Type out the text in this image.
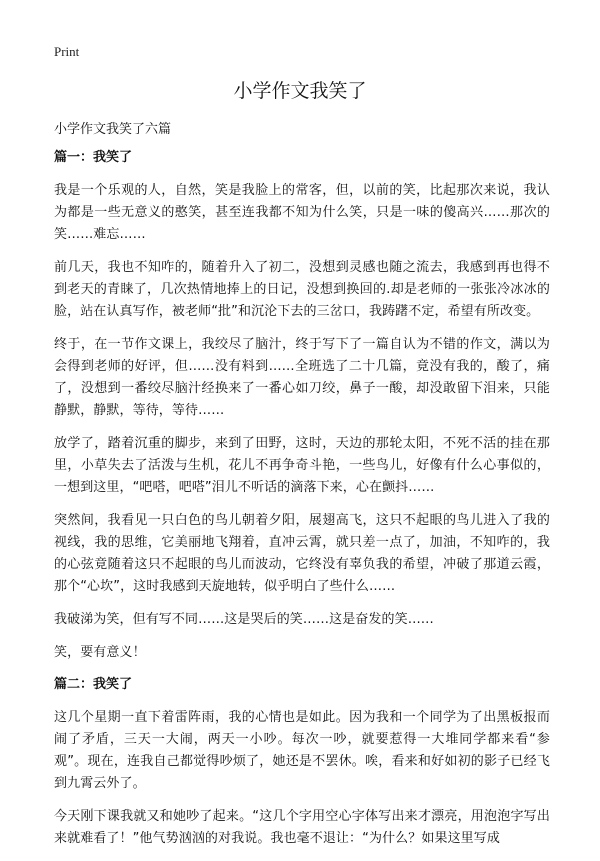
Print
小学作文我笑了

小学作文我笑了六篇

篇一：我笑了

我是一个乐观的人，自然，笑是我脸上的常客，但，以前的笑，比起那次来说，我认为都是一些无意义的憨笑，甚至连我都不知为什么笑，只是一味的傻高兴……那次的笑……难忘……

前几天，我也不知咋的，随着升入了初二，没想到灵感也随之流去，我感到再也得不到老天的青睐了，几次热情地捧上的日记，没想到换回的.却是老师的一张张冷冰冰的脸，站在认真写作，被老师“批”和沉沦下去的三岔口，我踌躇不定，希望有所改变。

终于，在一节作文课上，我绞尽了脑汁，终于写下了一篇自认为不错的作文，满以为会得到老师的好评，但……没有料到……全班选了二十几篇，竟没有我的，酸了，痛了，没想到一番绞尽脑汁经换来了一番心如刀绞，鼻子一酸，却没敢留下泪来，只能静默，静默，等待，等待……

放学了，踏着沉重的脚步，来到了田野，这时，天边的那轮太阳，不死不活的挂在那里，小草失去了活泼与生机，花儿不再争奇斗艳，一些鸟儿，好像有什么心事似的，一想到这里，“吧嗒，吧嗒”泪儿不听话的滴落下来，心在颤抖……

突然间，我看见一只白色的鸟儿朝着夕阳，展翅高飞，这只不起眼的鸟儿进入了我的视线，我的思维，它美丽地飞翔着，直冲云霄，就只差一点了，加油，不知咋的，我的心弦竟随着这只不起眼的鸟儿而波动，它终没有辜负我的希望，冲破了那道云霞，那个“心坎”，这时我感到天旋地转，似乎明白了些什么……

我破涕为笑，但有写不同……这是哭后的笑……这是奋发的笑……

笑，要有意义！

篇二：我笑了

这几个星期一直下着雷阵雨，我的心情也是如此。因为我和一个同学为了出黑板报而闹了矛盾，三天一大闹，两天一小吵。每次一吵，就要惹得一大堆同学都来看“参观”。现在，连我自己都觉得吵烦了，她还是不罢休。唉，看来和好如初的影子已经飞到九霄云外了。

今天刚下课我就又和她吵了起来。“这几个字用空心字体写出来才漂亮，用泡泡字写出来就难看了！”他气势汹汹的对我说。我也毫不退让：“为什么？如果这里写成
